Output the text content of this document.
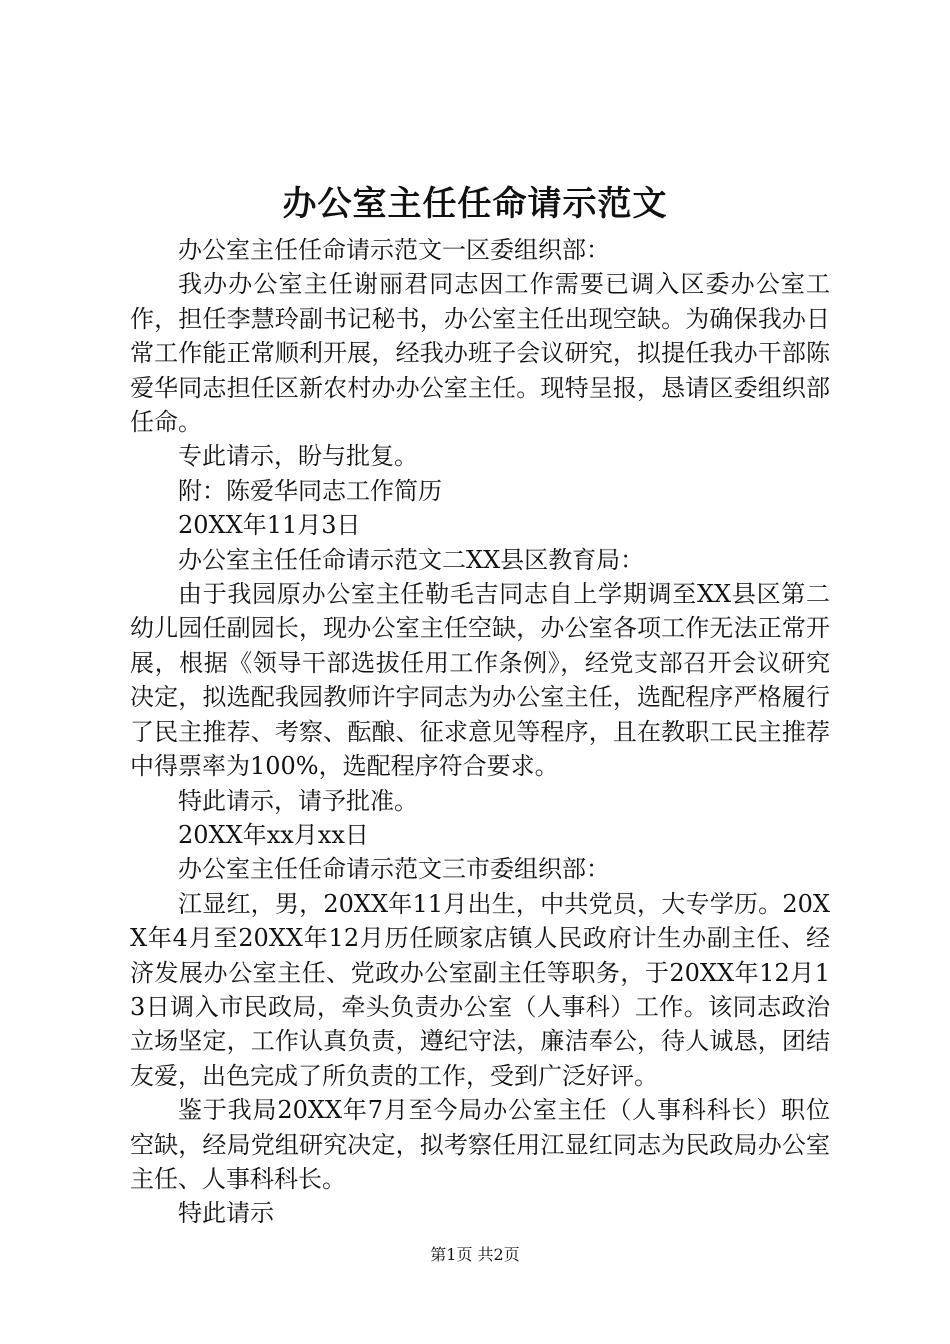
办公室主任任命请示范文

办公室主任任命请示范文一区委组织部：

我办办公室主任谢丽君同志因工作需要已调入区委办公室工作，担任李慧玲副书记秘书，办公室主任出现空缺。为确保我办日常工作能正常顺利开展，经我办班子会议研究，拟提任我办干部陈爱华同志担任区新农村办办公室主任。现特呈报，恳请区委组织部任命。

专此请示，盼与批复。

附：陈爱华同志工作简历

20XX年11月3日

办公室主任任命请示范文二XX县区教育局：

由于我园原办公室主任勒毛吉同志自上学期调至XX县区第二幼儿园任副园长，现办公室主任空缺，办公室各项工作无法正常开展，根据《领导干部选拔任用工作条例》，经党支部召开会议研究决定，拟选配我园教师许宇同志为办公室主任，选配程序严格履行了民主推荐、考察、酝酿、征求意见等程序，且在教职工民主推荐中得票率为100%，选配程序符合要求。

特此请示，请予批准。

20XX年xx月xx日

办公室主任任命请示范文三市委组织部：

江显红，男，20XX年11月出生，中共党员，大专学历。20XX年4月至20XX年12月历任顾家店镇人民政府计生办副主任、经济发展办公室主任、党政办公室副主任等职务，于20XX年12月13日调入市民政局，牵头负责办公室（人事科）工作。该同志政治立场坚定，工作认真负责，遵纪守法，廉洁奉公，待人诚恳，团结友爱，出色完成了所负责的工作，受到广泛好评。

鉴于我局20XX年7月至今局办公室主任（人事科科长）职位空缺，经局党组研究决定，拟考察任用江显红同志为民政局办公室主任、人事科科长。

特此请示

第1页 共2页
